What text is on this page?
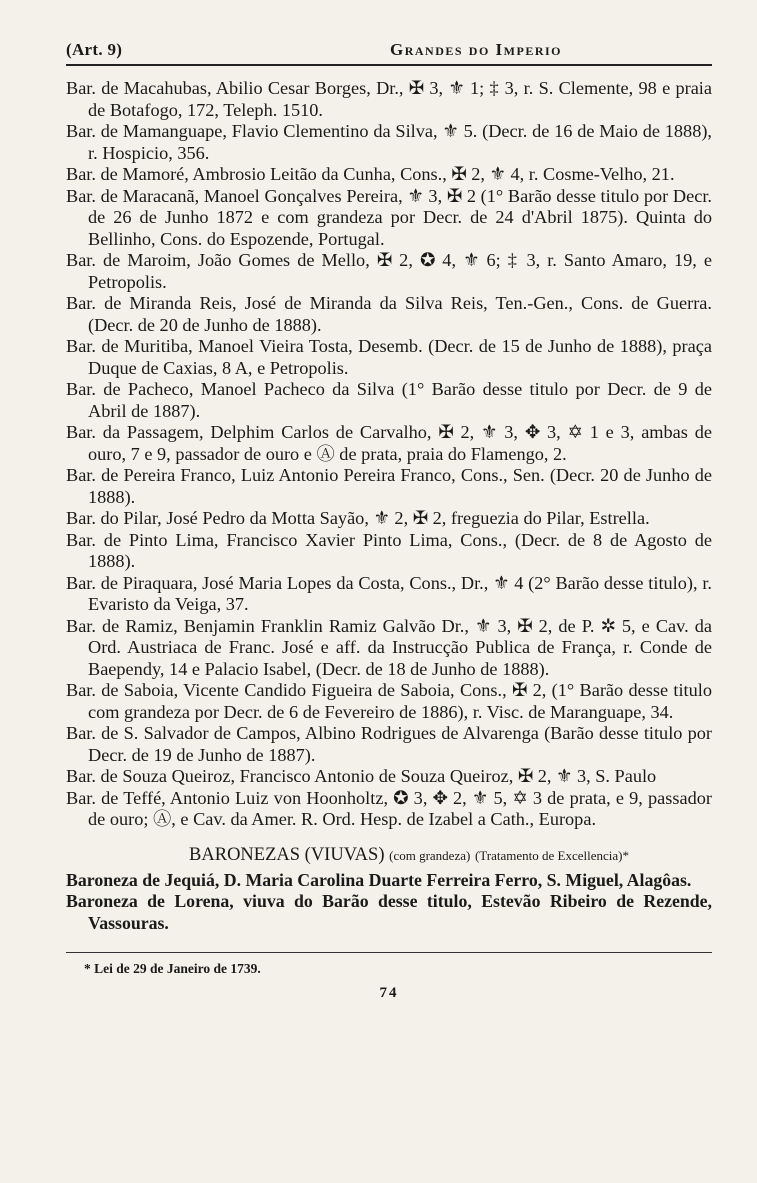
(Art. 9)	Grandes do Imperio

Bar. de Macahubas, Abilio Cesar Borges, Dr., ✠ 3, ⚜ 1; ‡ 3, r. S. Clemente, 98 e praia de Botafogo, 172, Teleph. 1510.

Bar. de Mamanguape, Flavio Clementino da Silva, ⚜ 5. (Decr. de 16 de Maio de 1888), r. Hospicio, 356.

Bar. de Mamoré, Ambrosio Leitão da Cunha, Cons., ✠ 2, ⚜ 4, r. Cosme-Velho, 21.

Bar. de Maracanã, Manoel Gonçalves Pereira, ⚜ 3, ✠ 2 (1° Barão desse titulo por Decr. de 26 de Junho 1872 e com grandeza por Decr. de 24 d'Abril 1875). Quinta do Bellinho, Cons. do Espozende, Portugal.

Bar. de Maroim, João Gomes de Mello, ✠ 2, ✪ 4, ⚜ 6; ‡ 3, r. Santo Amaro, 19, e Petropolis.

Bar. de Miranda Reis, José de Miranda da Silva Reis, Ten.-Gen., Cons. de Guerra. (Decr. de 20 de Junho de 1888).

Bar. de Muritiba, Manoel Vieira Tosta, Desemb. (Decr. de 15 de Junho de 1888), praça Duque de Caxias, 8 A, e Petropolis.

Bar. de Pacheco, Manoel Pacheco da Silva (1° Barão desse titulo por Decr. de 9 de Abril de 1887).

Bar. da Passagem, Delphim Carlos de Carvalho, ✠ 2, ⚜ 3, ✥ 3, ✡ 1 e 3, ambas de ouro, 7 e 9, passador de ouro e Ⓐ de prata, praia do Flamengo, 2.

Bar. de Pereira Franco, Luiz Antonio Pereira Franco, Cons., Sen. (Decr. 20 de Junho de 1888).

Bar. do Pilar, José Pedro da Motta Sayão, ⚜ 2, ✠ 2, freguezia do Pilar, Estrella.

Bar. de Pinto Lima, Francisco Xavier Pinto Lima, Cons., (Decr. de 8 de Agosto de 1888).

Bar. de Piraquara, José Maria Lopes da Costa, Cons., Dr., ⚜ 4 (2° Barão desse titulo), r. Evaristo da Veiga, 37.

Bar. de Ramiz, Benjamin Franklin Ramiz Galvão Dr., ⚜ 3, ✠ 2, de P. ✲ 5, e Cav. da Ord. Austriaca de Franc. José e aff. da Instrucção Publica de França, r. Conde de Baependy, 14 e Palacio Isabel, (Decr. de 18 de Junho de 1888).

Bar. de Saboia, Vicente Candido Figueira de Saboia, Cons., ✠ 2, (1° Barão desse titulo com grandeza por Decr. de 6 de Fevereiro de 1886), r. Visc. de Maranguape, 34.

Bar. de S. Salvador de Campos, Albino Rodrigues de Alvarenga (Barão desse titulo por Decr. de 19 de Junho de 1887).

Bar. de Souza Queiroz, Francisco Antonio de Souza Queiroz, ✠ 2, ⚜ 3, S. Paulo

Bar. de Teffé, Antonio Luiz von Hoonholtz, ✪ 3, ✥ 2, ⚜ 5, ✡ 3 de prata, e 9, passador de ouro; Ⓐ, e Cav. da Amer. R. Ord. Hesp. de Izabel a Cath., Europa.

BARONEZAS (VIUVAS) (com grandeza) (Tratamento de Excellencia)*

Baroneza de Jequiá, D. Maria Carolina Duarte Ferreira Ferro, S. Miguel, Alagôas.

Baroneza de Lorena, viuva do Barão desse titulo, Estevão Ribeiro de Rezende, Vassouras.

* Lei de 29 de Janeiro de 1739.
74
